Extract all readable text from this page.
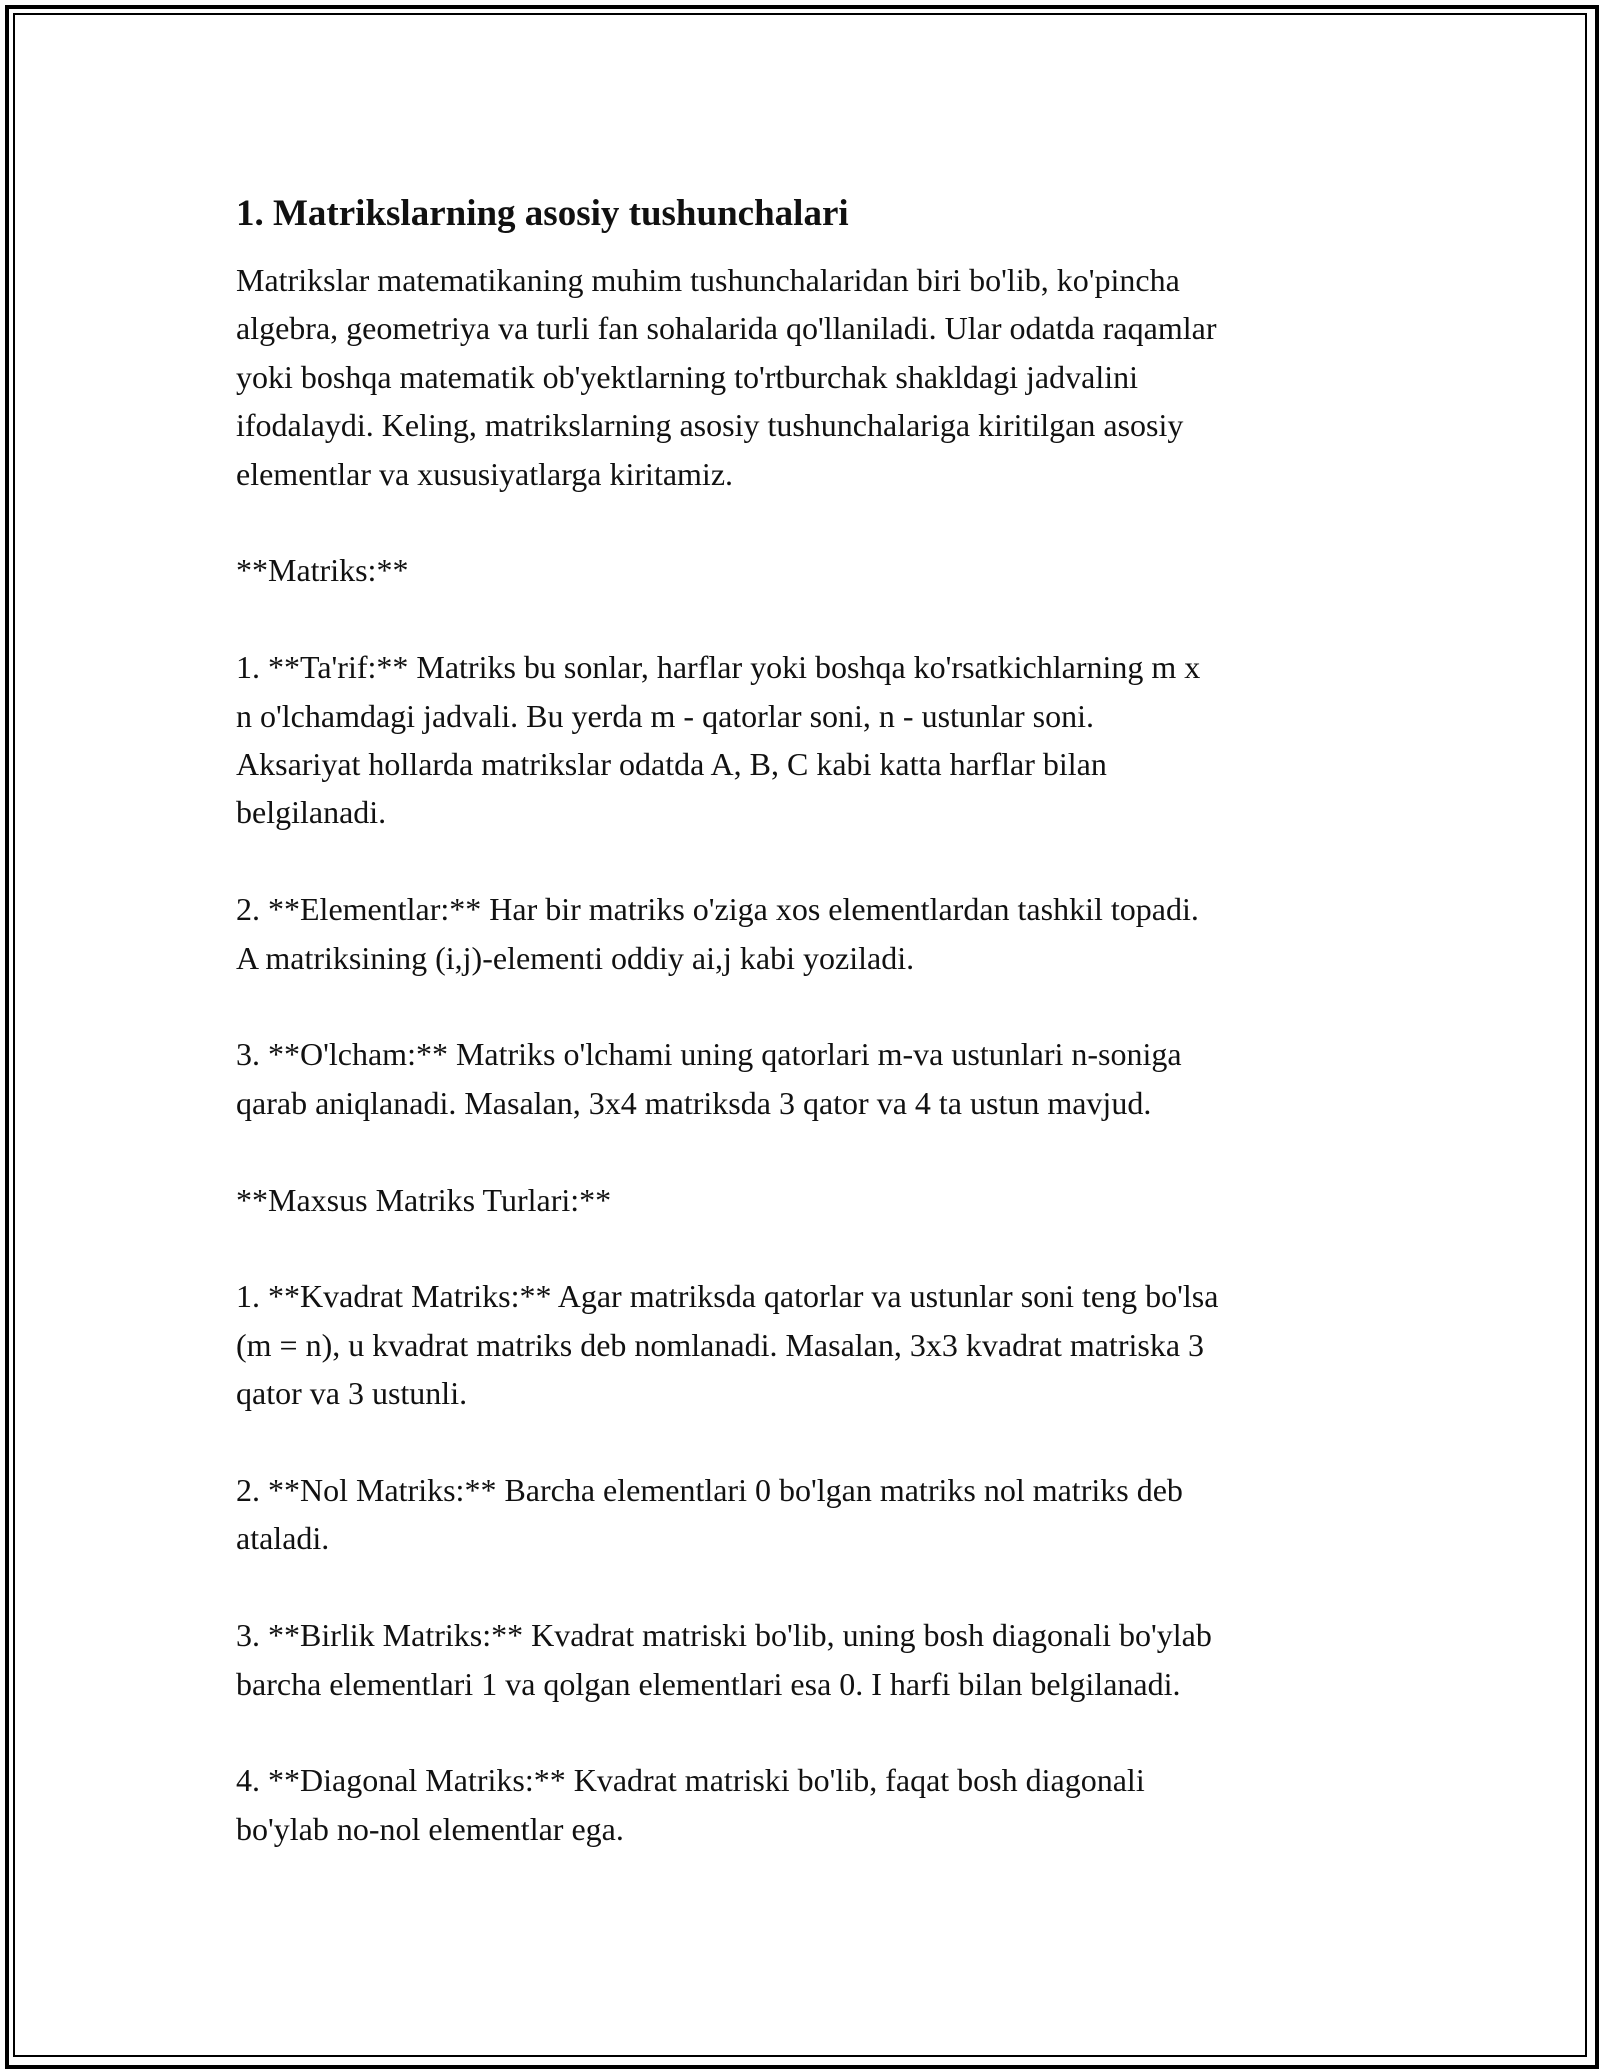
1. Matrikslarning asosiy tushunchalari

Matrikslar matematikaning muhim tushunchalaridan biri bo'lib, ko'pincha
algebra, geometriya va turli fan sohalarida qo'llaniladi. Ular odatda raqamlar
yoki boshqa matematik ob'yektlarning to'rtburchak shakldagi jadvalini
ifodalaydi. Keling, matrikslarning asosiy tushunchalariga kiritilgan asosiy
elementlar va xususiyatlarga kiritamiz.

**Matriks:**

1. **Ta'rif:** Matriks bu sonlar, harflar yoki boshqa ko'rsatkichlarning m x
n o'lchamdagi jadvali. Bu yerda m - qatorlar soni, n - ustunlar soni.
Aksariyat hollarda matrikslar odatda A, B, C kabi katta harflar bilan
belgilanadi.

2. **Elementlar:** Har bir matriks o'ziga xos elementlardan tashkil topadi.
A matriksining (i,j)-elementi oddiy ai,j kabi yoziladi.

3. **O'lcham:** Matriks o'lchami uning qatorlari m-va ustunlari n-soniga
qarab aniqlanadi. Masalan, 3x4 matriksda 3 qator va 4 ta ustun mavjud.

**Maxsus Matriks Turlari:**

1. **Kvadrat Matriks:** Agar matriksda qatorlar va ustunlar soni teng bo'lsa
(m = n), u kvadrat matriks deb nomlanadi. Masalan, 3x3 kvadrat matriska 3
qator va 3 ustunli.

2. **Nol Matriks:** Barcha elementlari 0 bo'lgan matriks nol matriks deb
ataladi.

3. **Birlik Matriks:** Kvadrat matriski bo'lib, uning bosh diagonali bo'ylab
barcha elementlari 1 va qolgan elementlari esa 0. I harfi bilan belgilanadi.

4. **Diagonal Matriks:** Kvadrat matriski bo'lib, faqat bosh diagonali
bo'ylab no-nol elementlar ega.
